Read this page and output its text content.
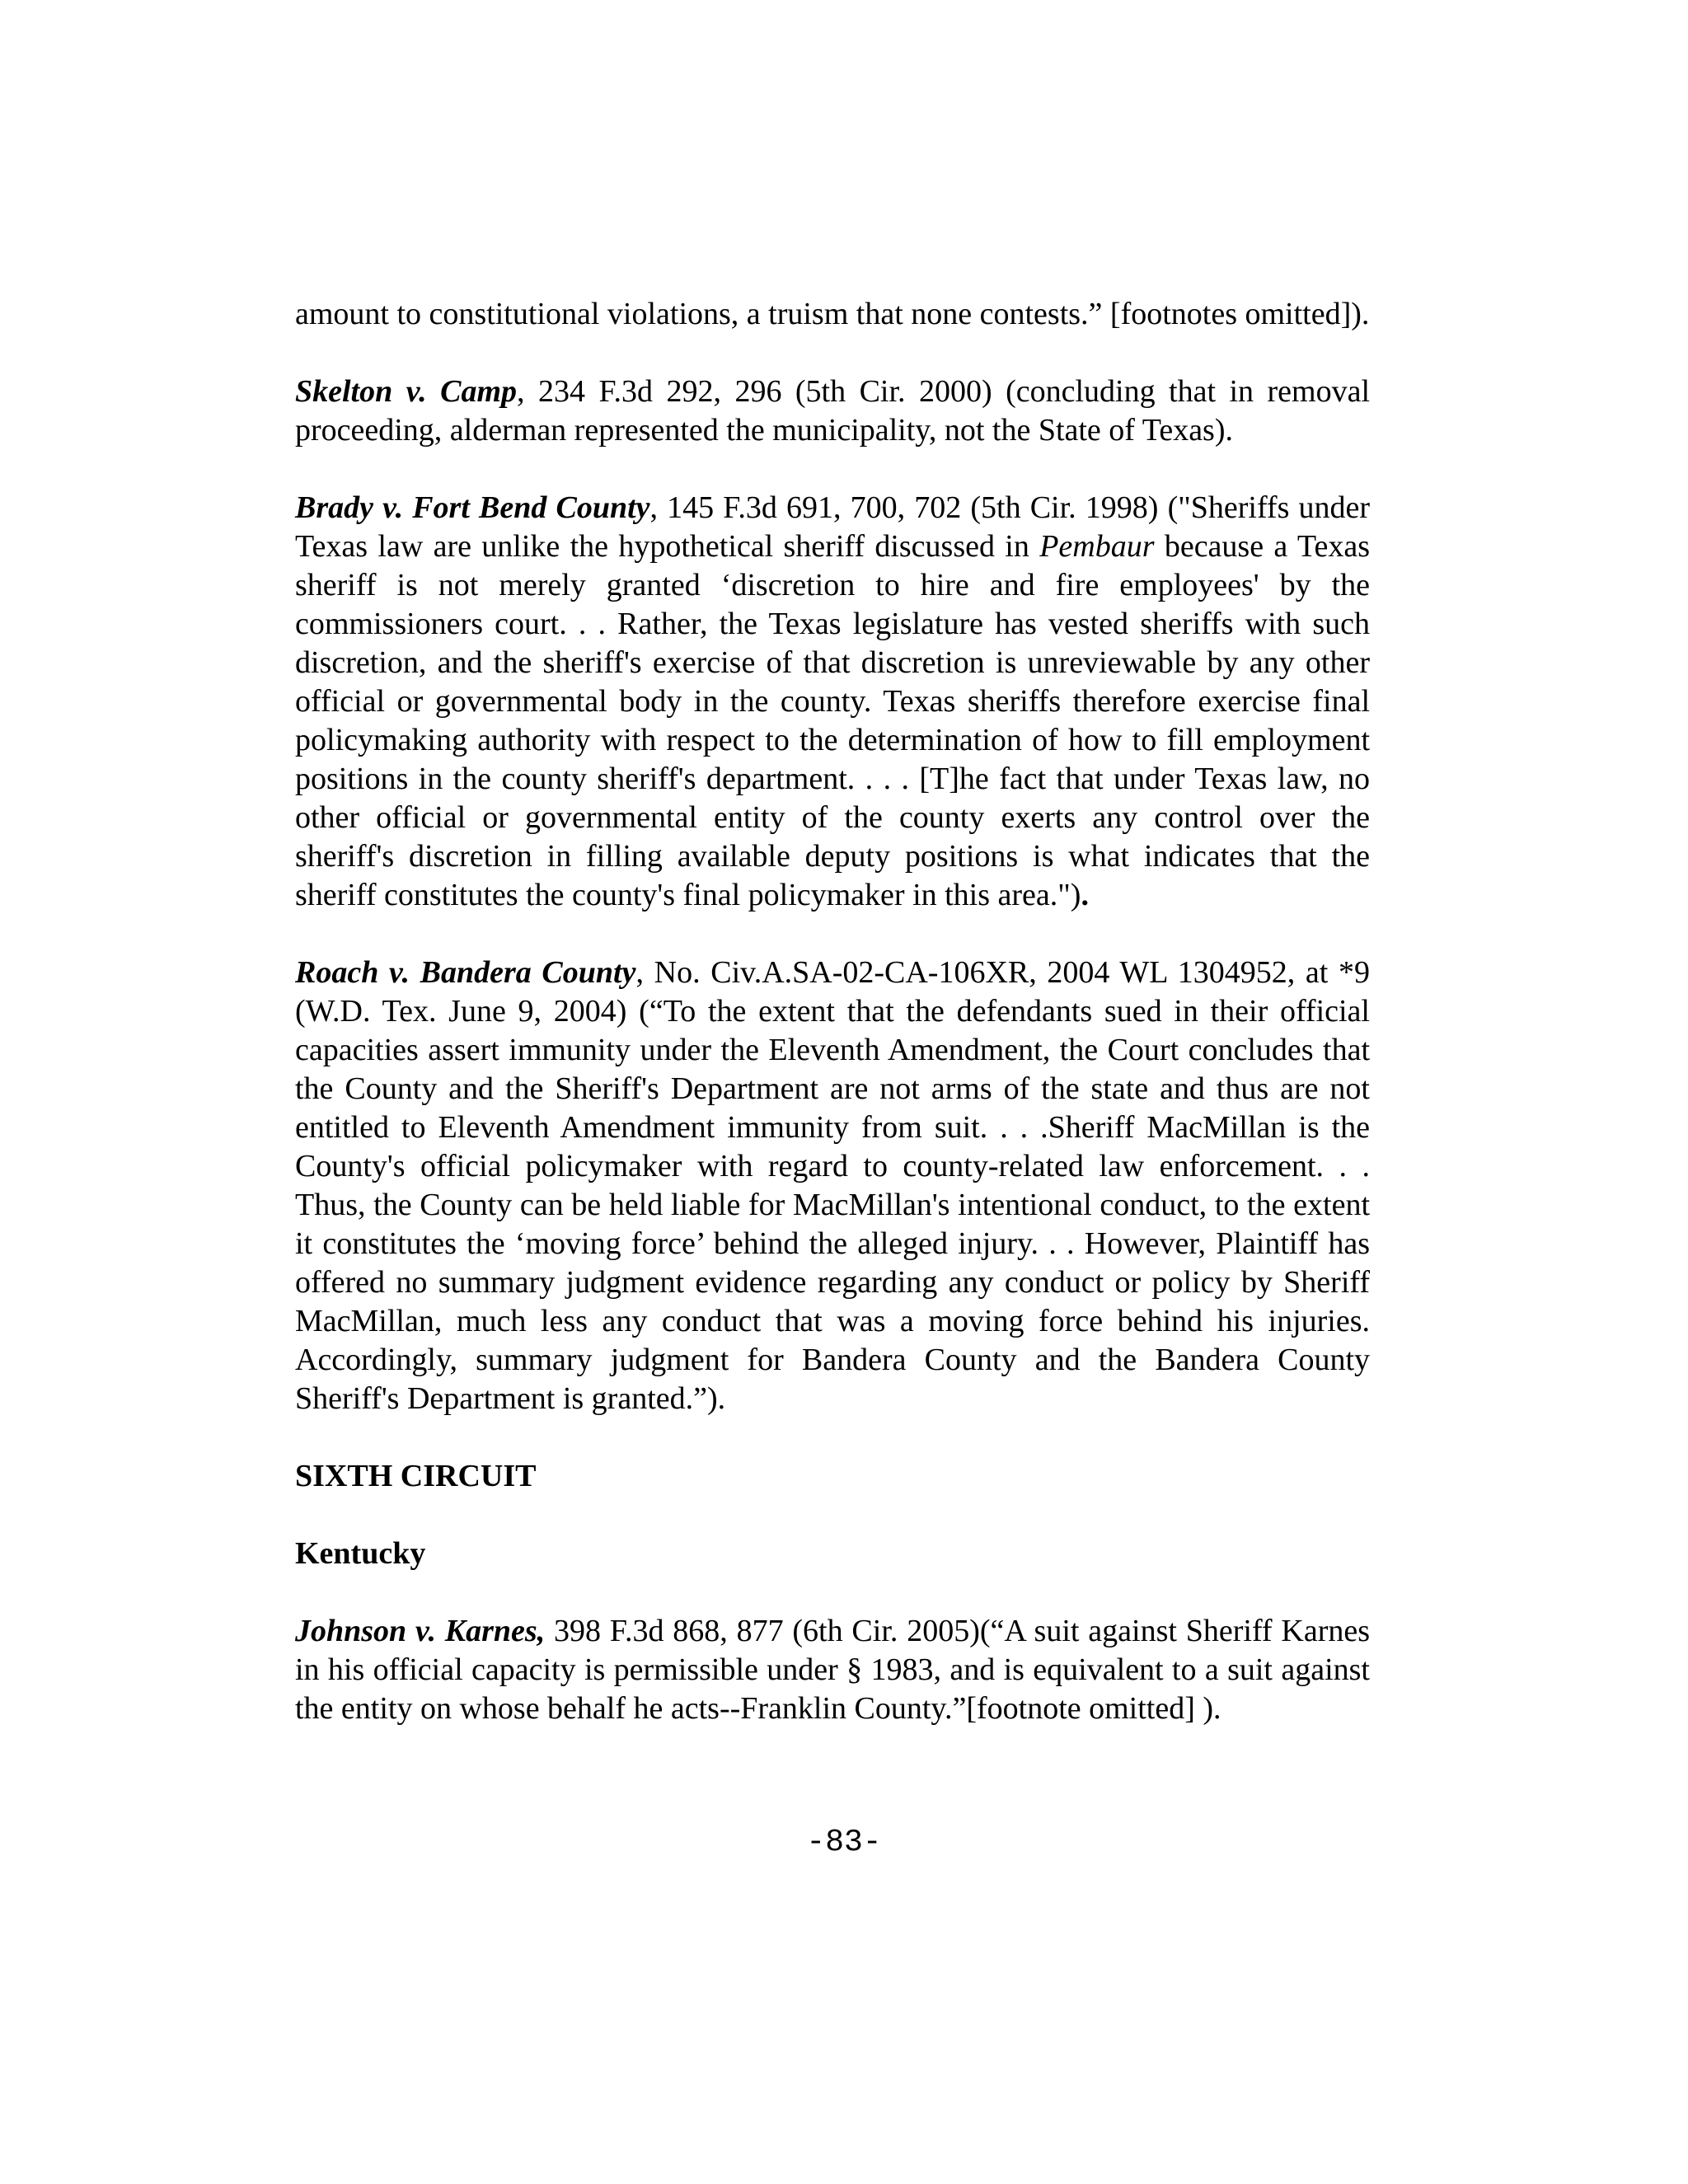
amount to constitutional violations, a truism that none contests.” [footnotes omitted]).

Skelton v. Camp, 234 F.3d 292, 296 (5th Cir. 2000) (concluding that in removal proceeding, alderman represented the municipality, not the State of Texas).

Brady v. Fort Bend County, 145 F.3d 691, 700, 702 (5th Cir. 1998) ("Sheriffs under Texas law are unlike the hypothetical sheriff discussed in Pembaur because a Texas sheriff is not merely granted ‘discretion to hire and fire employees' by the commissioners court. . . Rather, the Texas legislature has vested sheriffs with such discretion, and the sheriff's exercise of that discretion is unreviewable by any other official or governmental body in the county. Texas sheriffs therefore exercise final policymaking authority with respect to the determination of how to fill employment positions in the county sheriff's department. . . . [T]he fact that under Texas law, no other official or governmental entity of the county exerts any control over the sheriff's discretion in filling available deputy positions is what indicates that the sheriff constitutes the county's final policymaker in this area.").

Roach v. Bandera County, No. Civ.A.SA-02-CA-106XR, 2004 WL 1304952, at *9 (W.D. Tex. June 9, 2004) (“To the extent that the defendants sued in their official capacities assert immunity under the Eleventh Amendment, the Court concludes that the County and the Sheriff's Department are not arms of the state and thus are not entitled to Eleventh Amendment immunity from suit. . . .Sheriff MacMillan is the County's official policymaker with regard to county-related law enforcement. . . Thus, the County can be held liable for MacMillan's intentional conduct, to the extent it constitutes the ‘moving force’ behind the alleged injury. . . However, Plaintiff has offered no summary judgment evidence regarding any conduct or policy by Sheriff MacMillan, much less any conduct that was a moving force behind his injuries. Accordingly, summary judgment for Bandera County and the Bandera County Sheriff's Department is granted.”).

SIXTH CIRCUIT

Kentucky

Johnson v. Karnes, 398 F.3d 868, 877 (6th Cir. 2005)(“A suit against Sheriff Karnes in his official capacity is permissible under § 1983, and is equivalent to a suit against the entity on whose behalf he acts--Franklin County.”[footnote omitted] ).

-83-
